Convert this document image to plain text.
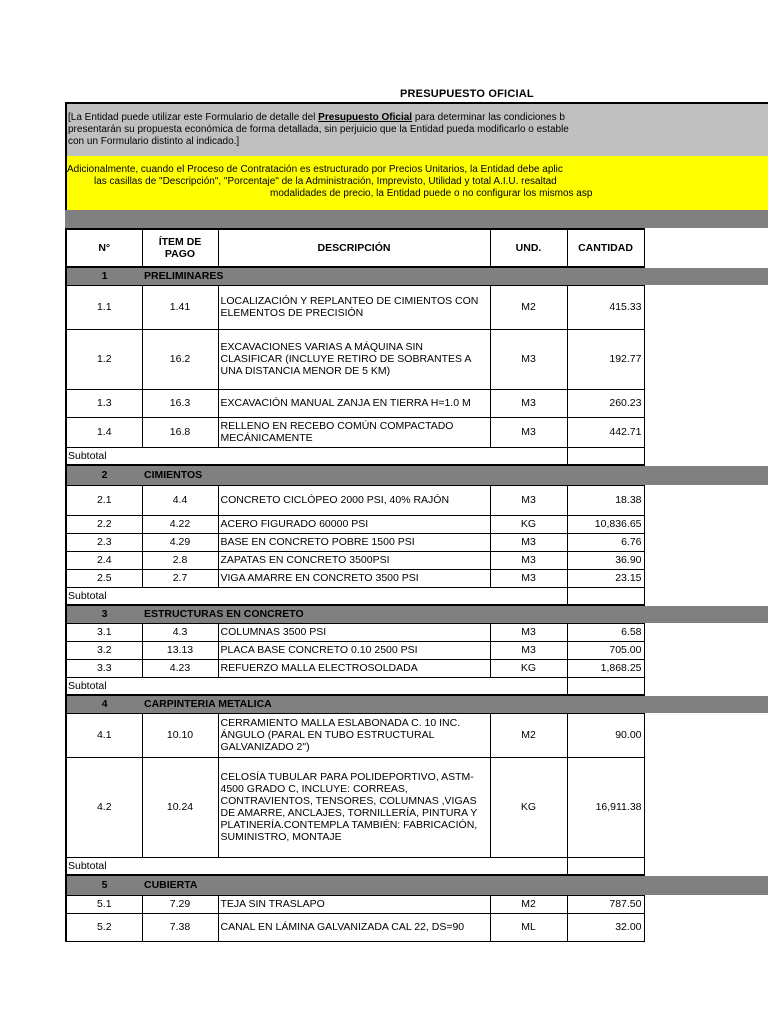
PRESUPUESTO OFICIAL
[La Entidad puede utilizar este Formulario de detalle del Presupuesto Oficial para determinar las condiciones b
presentarán su propuesta económica de forma detallada, sin perjuicio que la Entidad pueda modificarlo o estable
con un Formulario distinto al indicado.]
Adicionalmente, cuando el Proceso de Contratación es estructurado por Precios Unitarios, la Entidad debe aplic
las casillas de "Descripción", "Porcentaje" de la Administración, Imprevisto, Utilidad y total A.I.U. resaltad
modalidades de precio, la Entidad puede o no configurar los mismos asp
N°	ÍTEM DE PAGO	DESCRIPCIÓN	UND.	CANTIDAD	
1	PRELIMINARES				
1.1	1.41	LOCALIZACIÓN Y REPLANTEO DE CIMIENTOS CON ELEMENTOS DE PRECISIÓN	M2	415.33	
1.2	16.2	EXCAVACIONES VARIAS A MÁQUINA SIN CLASIFICAR (INCLUYE RETIRO DE SOBRANTES A UNA DISTANCIA MENOR DE 5 KM)	M3	192.77	
1.3	16.3	EXCAVACIÓN MANUAL ZANJA EN TIERRA H=1.0 M	M3	260.23	
1.4	16.8	RELLENO EN RECEBO COMÚN COMPACTADO MECÁNICAMENTE	M3	442.71	
Subtotal					
2	CIMIENTOS				
2.1	4.4	CONCRETO CICLÓPEO 2000 PSI, 40% RAJÓN	M3	18.38	
2.2	4.22	ACERO FIGURADO 60000 PSI	KG	10,836.65	
2.3	4.29	BASE EN CONCRETO POBRE 1500 PSI	M3	6.76	
2.4	2.8	ZAPATAS EN CONCRETO 3500PSI	M3	36.90	
2.5	2.7	VIGA AMARRE EN CONCRETO 3500 PSI	M3	23.15	
Subtotal					
3	ESTRUCTURAS EN CONCRETO				
3.1	4.3	COLUMNAS 3500 PSI	M3	6.58	
3.2	13.13	PLACA BASE CONCRETO 0.10 2500 PSI	M3	705.00	
3.3	4.23	REFUERZO MALLA ELECTROSOLDADA	KG	1,868.25	
Subtotal					
4	CARPINTERIA METALICA				
4.1	10.10	CERRAMIENTO MALLA ESLABONADA C. 10 INC. ÁNGULO (PARAL EN TUBO ESTRUCTURAL GALVANIZADO 2")	M2	90.00	
4.2	10.24	CELOSÍA TUBULAR PARA POLIDEPORTIVO, ASTM-4500 GRADO C, INCLUYE: CORREAS, CONTRAVIENTOS, TENSORES, COLUMNAS ,VIGAS DE AMARRE, ANCLAJES, TORNILLERÍA, PINTURA Y PLATINERÍA.CONTEMPLA TAMBIÉN: FABRICACIÓN, SUMINISTRO, MONTAJE	KG	16,911.38	
Subtotal					
5	CUBIERTA				
5.1	7.29	TEJA SIN TRASLAPO	M2	787.50	
5.2	7.38	CANAL EN LÁMINA GALVANIZADA CAL 22, DS=90	ML	32.00	
